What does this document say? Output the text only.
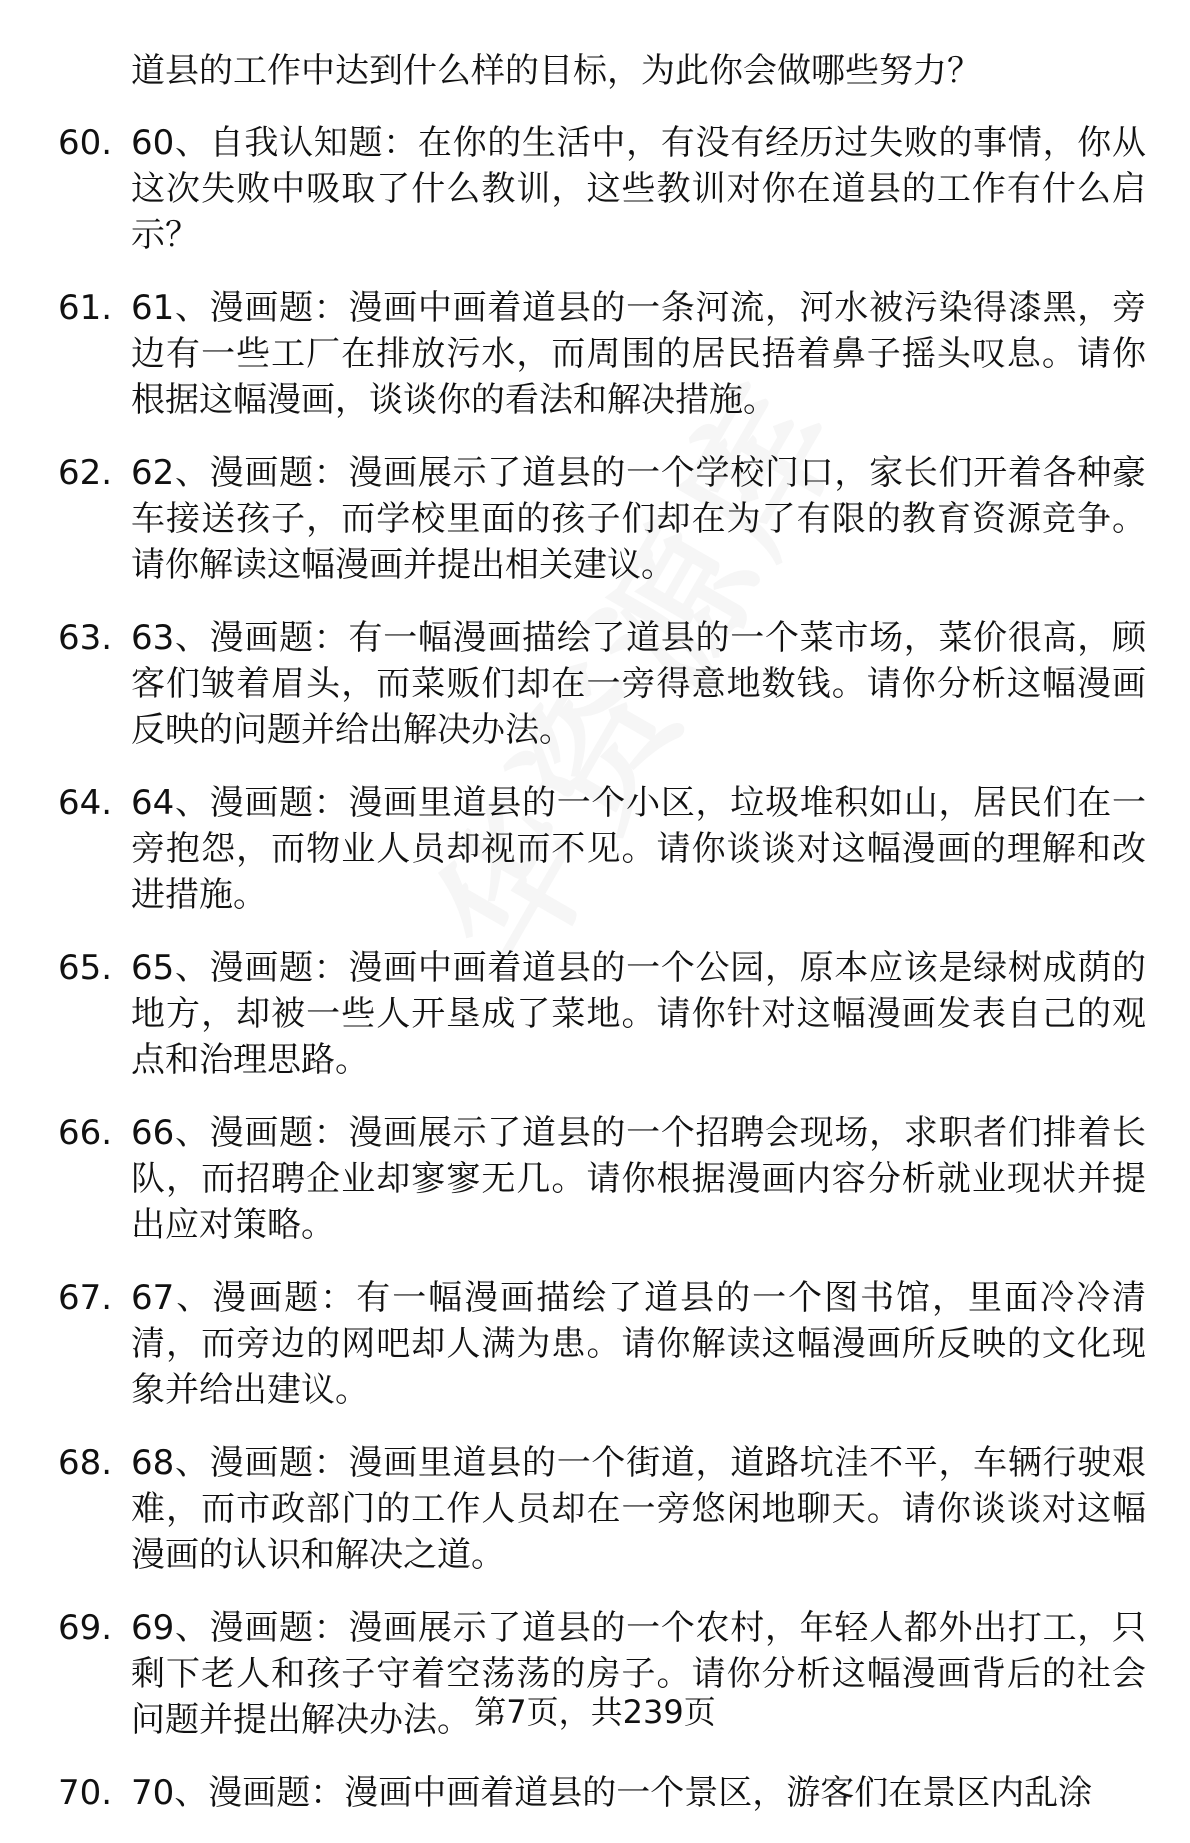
道县的工作中达到什么样的目标，为此你会做哪些努力？
60. 60、自我认知题：在你的生活中，有没有经历过失败的事情，你从这次失败中吸取了什么教训，这些教训对你在道县的工作有什么启示？
61. 61、漫画题：漫画中画着道县的一条河流，河水被污染得漆黑，旁边有一些工厂在排放污水，而周围的居民捂着鼻子摇头叹息。请你根据这幅漫画，谈谈你的看法和解决措施。
62. 62、漫画题：漫画展示了道县的一个学校门口，家长们开着各种豪车接送孩子，而学校里面的孩子们却在为了有限的教育资源竞争。请你解读这幅漫画并提出相关建议。
63. 63、漫画题：有一幅漫画描绘了道县的一个菜市场，菜价很高，顾客们皱着眉头，而菜贩们却在一旁得意地数钱。请你分析这幅漫画反映的问题并给出解决办法。
64. 64、漫画题：漫画里道县的一个小区，垃圾堆积如山，居民们在一旁抱怨，而物业人员却视而不见。请你谈谈对这幅漫画的理解和改进措施。
65. 65、漫画题：漫画中画着道县的一个公园，原本应该是绿树成荫的地方，却被一些人开垦成了菜地。请你针对这幅漫画发表自己的观点和治理思路。
66. 66、漫画题：漫画展示了道县的一个招聘会现场，求职者们排着长队，而招聘企业却寥寥无几。请你根据漫画内容分析就业现状并提出应对策略。
67. 67、漫画题：有一幅漫画描绘了道县的一个图书馆，里面冷冷清清，而旁边的网吧却人满为患。请你解读这幅漫画所反映的文化现象并给出建议。
68. 68、漫画题：漫画里道县的一个街道，道路坑洼不平，车辆行驶艰难，而市政部门的工作人员却在一旁悠闲地聊天。请你谈谈对这幅漫画的认识和解决之道。
69. 69、漫画题：漫画展示了道县的一个农村，年轻人都外出打工，只剩下老人和孩子守着空荡荡的房子。请你分析这幅漫画背后的社会问题并提出解决办法。
70. 70、漫画题：漫画中画着道县的一个景区，游客们在景区内乱涂
第7页，共239页
